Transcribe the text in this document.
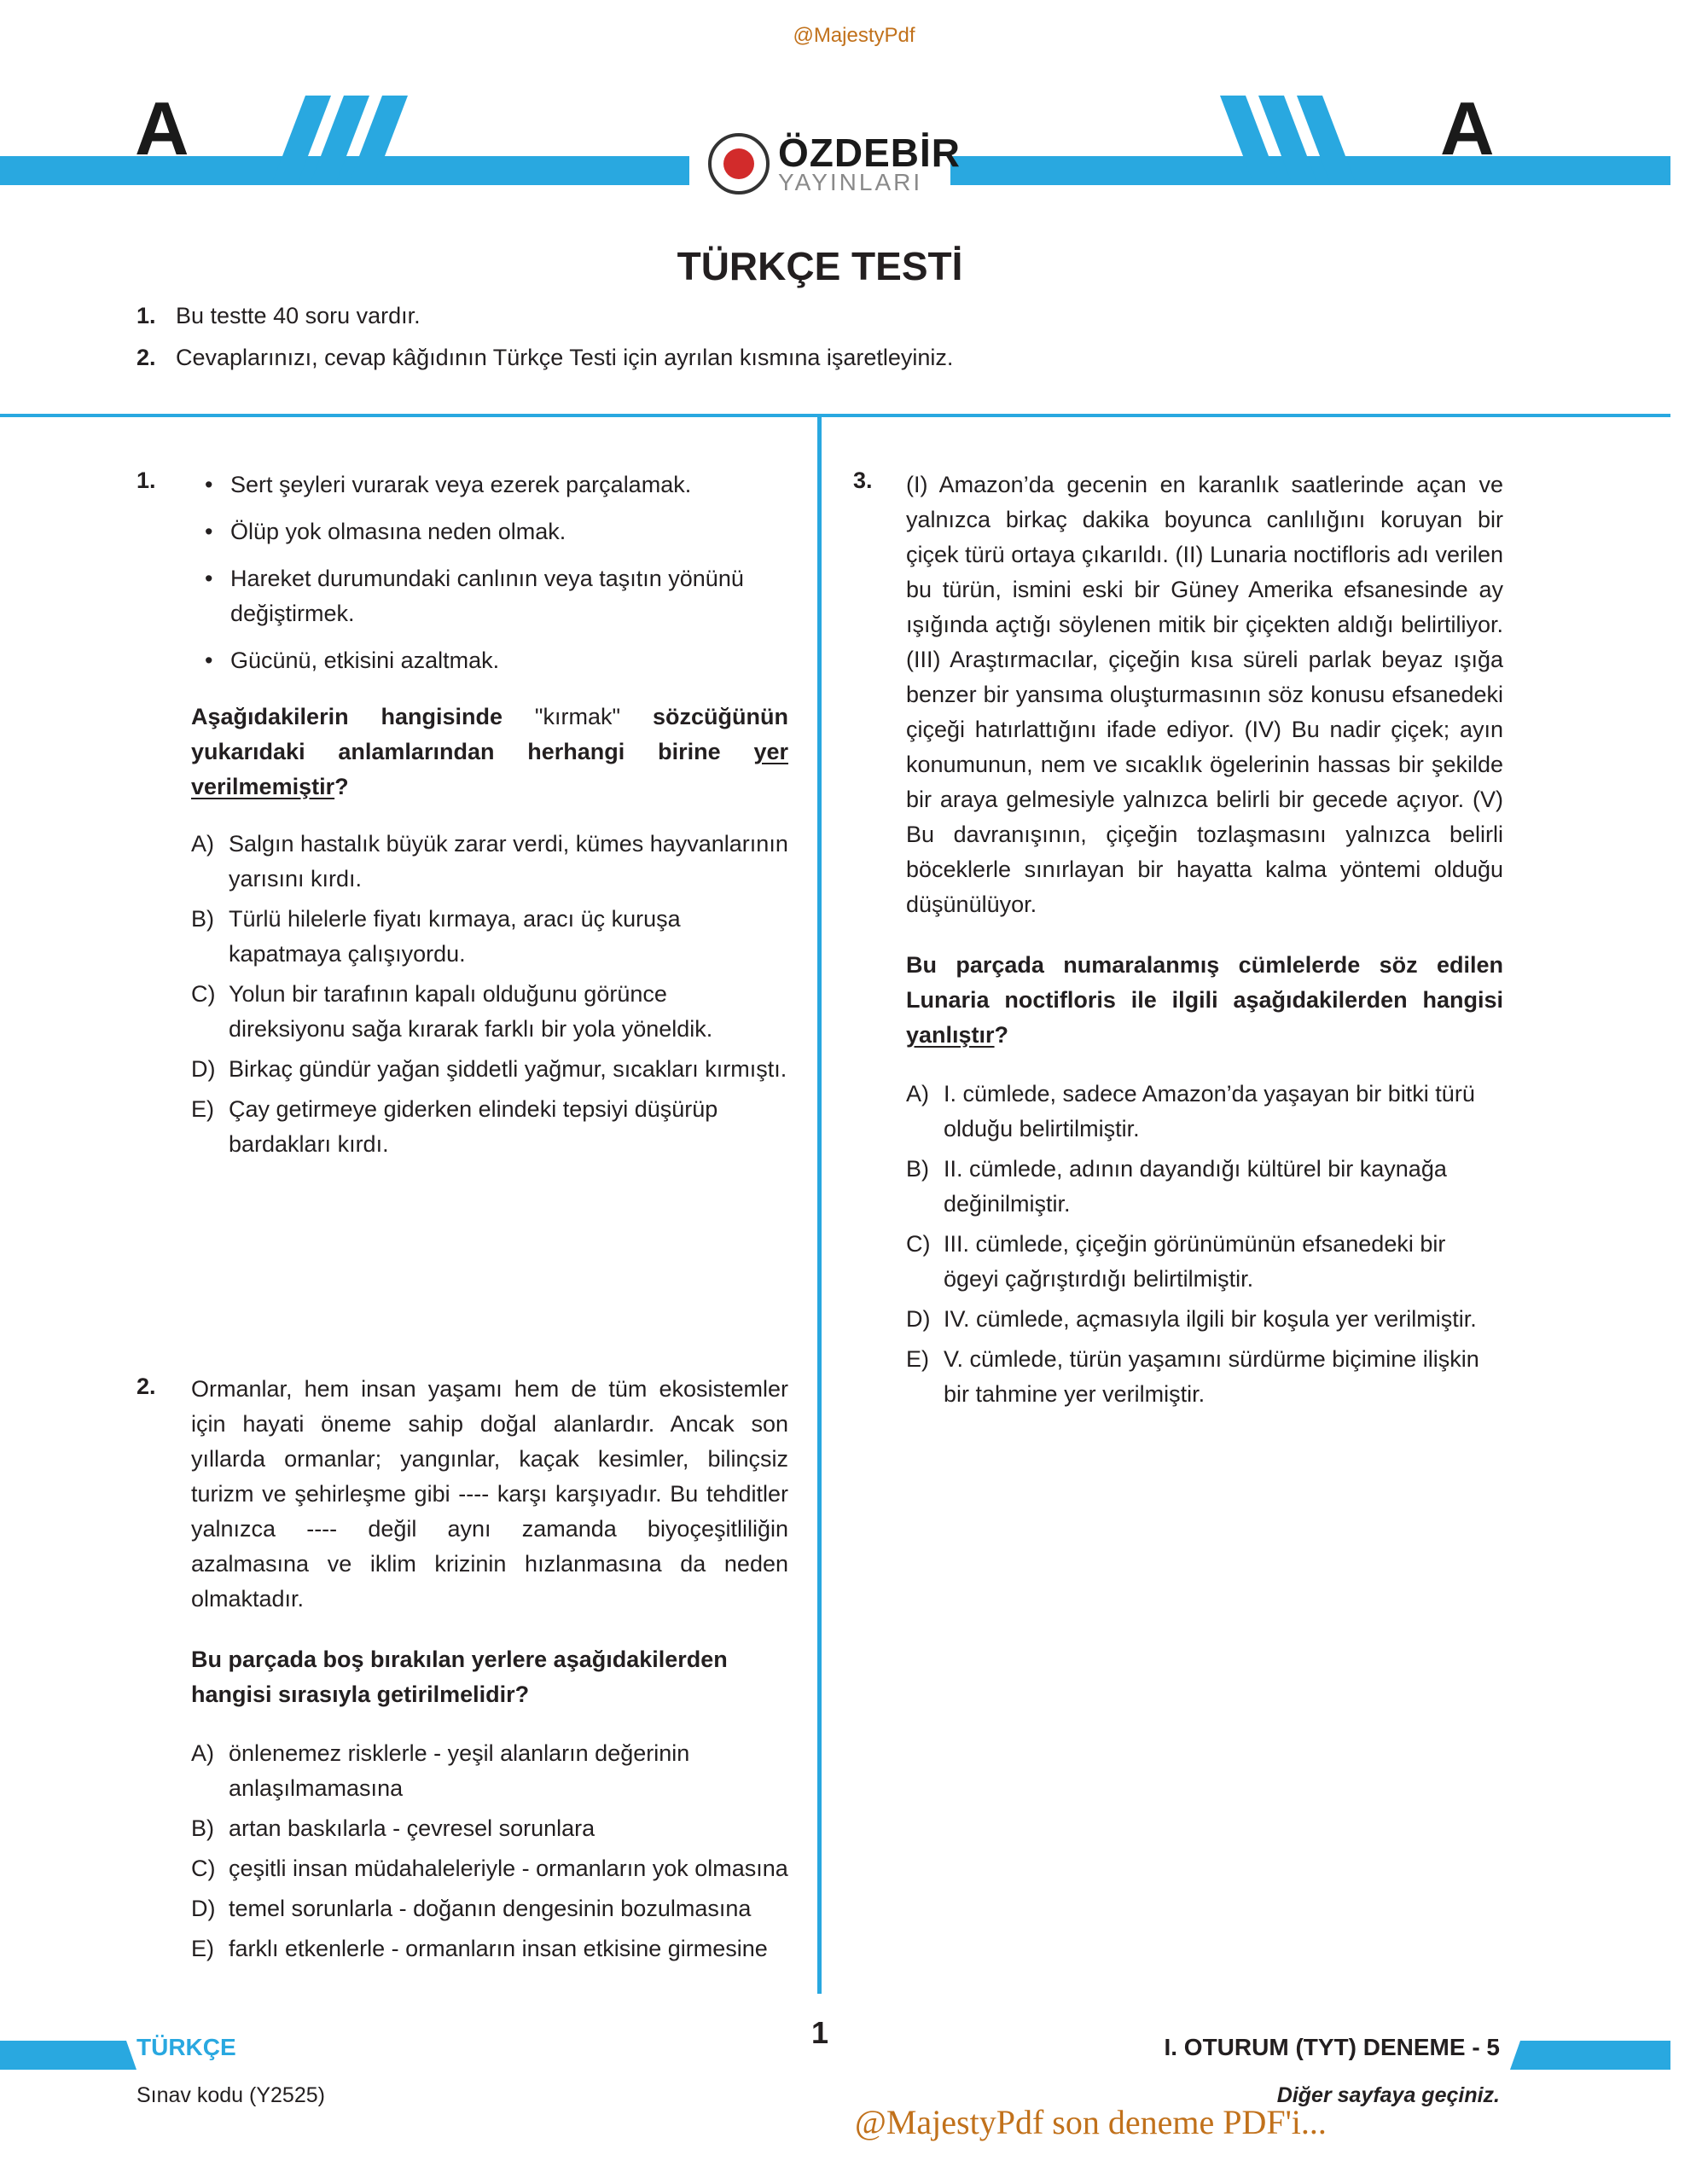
@MajestyPdf
A	A
ÖZDEBİR
YAYINLARI
TÜRKÇE TESTİ
1. Bu testte 40 soru vardır.
2. Cevaplarınızı, cevap kâğıdının Türkçe Testi için ayrılan kısmına işaretleyiniz.
1.
•	Sert şeyleri vurarak veya ezerek parçalamak.
• Ölüp yok olmasına neden olmak.
• Hareket durumundaki canlının veya taşıtın yönünü değiştirmek.
• Gücünü, etkisini azaltmak.

Aşağıdakilerin hangisinde "kırmak" sözcüğünün yukarıdaki anlamlarından herhangi birine yer verilmemiştir?

A) Salgın hastalık büyük zarar verdi, kümes hayvanlarının yarısını kırdı.
B) Türlü hilelerle fiyatı kırmaya, aracı üç kuruşa kapatmaya çalışıyordu.
C) Yolun bir tarafının kapalı olduğunu görünce direksiyonu sağa kırarak farklı bir yola yöneldik.
D) Birkaç gündür yağan şiddetli yağmur, sıcakları kırmıştı.
E) Çay getirmeye giderken elindeki tepsiyi düşürüp bardakları kırdı.
2. Ormanlar, hem insan yaşamı hem de tüm ekosistemler için hayati öneme sahip doğal alanlardır. Ancak son yıllarda ormanlar; yangınlar, kaçak kesimler, bilinçsiz turizm ve şehirleşme gibi ---- karşı karşıyadır. Bu tehditler yalnızca ---- değil aynı zamanda biyoçeşitliliğin azalmasına ve iklim krizinin hızlanmasına da neden olmaktadır.

Bu parçada boş bırakılan yerlere aşağıdakilerden hangisi sırasıyla getirilmelidir?

A) önlenemez risklerle - yeşil alanların değerinin anlaşılmamasına
B) artan baskılarla - çevresel sorunlara
C) çeşitli insan müdahaleleriyle - ormanların yok olmasına
D) temel sorunlarla - doğanın dengesinin bozulmasına
E) farklı etkenlerle - ormanların insan etkisine girmesine
3. (I) Amazon’da gecenin en karanlık saatlerinde açan ve yalnızca birkaç dakika boyunca canlılığını koruyan bir çiçek türü ortaya çıkarıldı. (II) Lunaria noctifloris adı verilen bu türün, ismini eski bir Güney Amerika efsanesinde ay ışığında açtığı söylenen mitik bir çiçekten aldığı belirtiliyor. (III) Araştırmacılar, çiçeğin kısa süreli parlak beyaz ışığa benzer bir yansıma oluşturmasının söz konusu efsanedeki çiçeği hatırlattığını ifade ediyor. (IV) Bu nadir çiçek; ayın konumunun, nem ve sıcaklık ögelerinin hassas bir şekilde bir araya gelmesiyle yalnızca belirli bir gecede açıyor. (V) Bu davranışının, çiçeğin tozlaşmasını yalnızca belirli böceklerle sınırlayan bir hayatta kalma yöntemi olduğu düşünülüyor.

Bu parçada numaralanmış cümlelerde söz edilen Lunaria noctifloris ile ilgili aşağıdakilerden hangisi yanlıştır?

A) I. cümlede, sadece Amazon’da yaşayan bir bitki türü olduğu belirtilmiştir.
B) II. cümlede, adının dayandığı kültürel bir kaynağa değinilmiştir.
C) III. cümlede, çiçeğin görünümünün efsanedeki bir ögeyi çağrıştırdığı belirtilmiştir.
D) IV. cümlede, açmasıyla ilgili bir koşula yer verilmiştir.
E) V. cümlede, türün yaşamını sürdürme biçimine ilişkin bir tahmine yer verilmiştir.
TÜRKÇE	1	I. OTURUM (TYT) DENEME - 5
Sınav kodu (Y2525)	Diğer sayfaya geçiniz.
@MajestyPdf son deneme PDF'i...
